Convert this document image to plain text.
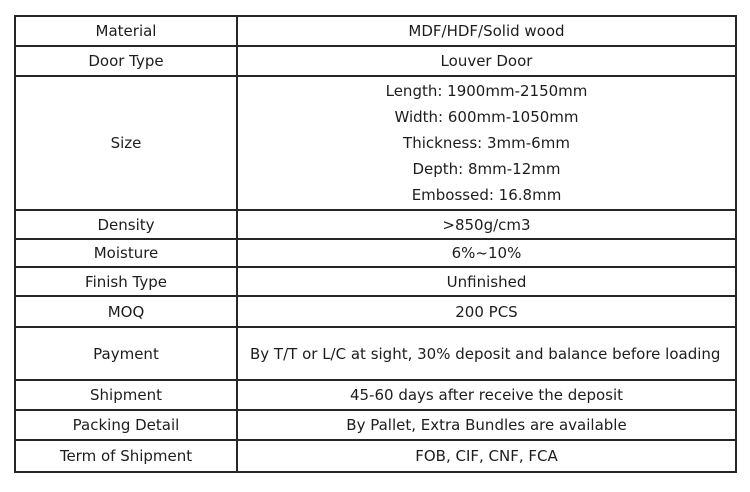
Material	MDF/HDF/Solid wood
Door Type	Louver Door
Size	Length: 1900mm-2150mm
Width: 600mm-1050mm
Thickness: 3mm-6mm
Depth: 8mm-12mm
Embossed: 16.8mm

Density	>850g/cm3
Moisture	6%~10%
Finish Type	Unfinished
MOQ	200 PCS
Payment	By T/T or L/C at sight, 30% deposit and balance before loading
Shipment	45-60 days after receive the deposit
Packing Detail	By Pallet, Extra Bundles are available
Term of Shipment	FOB, CIF, CNF, FCA
